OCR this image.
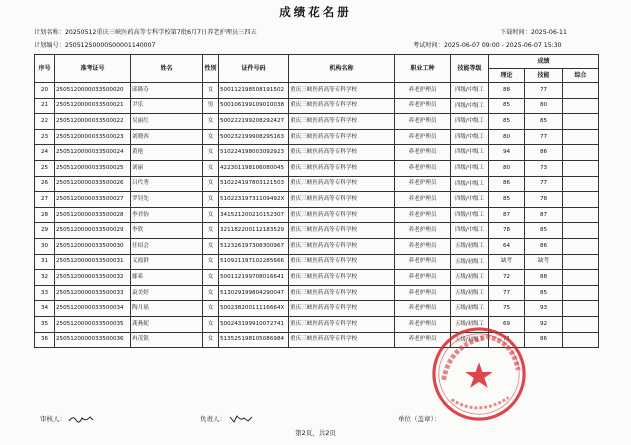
成绩花名册
计划名称：20250512重庆三峡医药高等专科学校第7批6月7日养老护理员三四五	下载时间：2025-06-11
计划编号：250512S0000S00001140007	考试时间：2025-06-07 09:00 - 2025-06-07 15:30
序号	准考证号	姓名	性别	证件号码	机构名称	职业工种	技能等级	成绩		
								理论	技能	综合
20	2505120000033500020	邱隆芬	女	500112198508191502	重庆三峡医药高等专科学校	养老护理员	四级/中级工	88	77	
21	2505120000033500021	尹乐	男	500106199109010038	重庆三峡医药高等专科学校	养老护理员	四级/中级工	85	80	
22	2505120000033500022	吴丽红	女	500222199208292427	重庆三峡医药高等专科学校	养老护理员	四级/中级工	85	85	
23	2505120000033500023	刘晓西	女	500232199908295163	重庆三峡医药高等专科学校	养老护理员	四级/中级工	80	77	
24	2505120000033500024	黄艳	女	510224198003092923	重庆三峡医药高等专科学校	养老护理员	四级/中级工	94	86	
25	2505120000033500025	刘丽	女	422301198106080045	重庆三峡医药高等专科学校	养老护理员	四级/中级工	80	73	
26	2505120000033500026	吕代秀	女	510224197803121503	重庆三峡医药高等专科学校	养老护理员	四级/中级工	86	77	
27	2505120000033500027	罗钊先	女	51022319731109492X	重庆三峡医药高等专科学校	养老护理员	四级/中级工	85	78	
28	2505120000033500028	李君怡	女	341521200210152307	重庆三峡医药高等专科学校	养老护理员	四级/中级工	87	87	
29	2505120000033500029	李欣	女	321182200112183529	重庆三峡医药高等专科学校	养老护理员	四级/中级工	78	85	
30	2505120000033500030	任绍会	女	512326197308300967	重庆三峡医药高等专科学校	养老护理员	五级/初级工	64	86	
31	2505120000033500031	义霞群	女	510921197102285666	重庆三峡医药高等专科学校	养老护理员	五级/初级工	缺考	缺考	
32	2505120000033500032	鄢希	女	500112199708016641	重庆三峡医药高等专科学校	养老护理员	五级/初级工	72	88	
33	2505120000033500033	袁美婷	女	513029199804290047	重庆三峡医药高等专科学校	养老护理员	五级/初级工	77	85	
34	2505120000033500034	陶月瑶	女	50023820011116664X	重庆三峡医药高等专科学校	养老护理员	五级/初级工	75	93	
35	2505120000033500035	龚燕妮	女	500243199910072741	重庆三峡医药高等专科学校	养老护理员	五级/初级工	69	92	
36	2505120000033500036	冉茂银	女	513525198105086984	重庆三峡医药高等专科学校	养老护理员	五级/初级工	71	86	
审核人：	负责人：	单位（盖章）：
第2页，共2页
